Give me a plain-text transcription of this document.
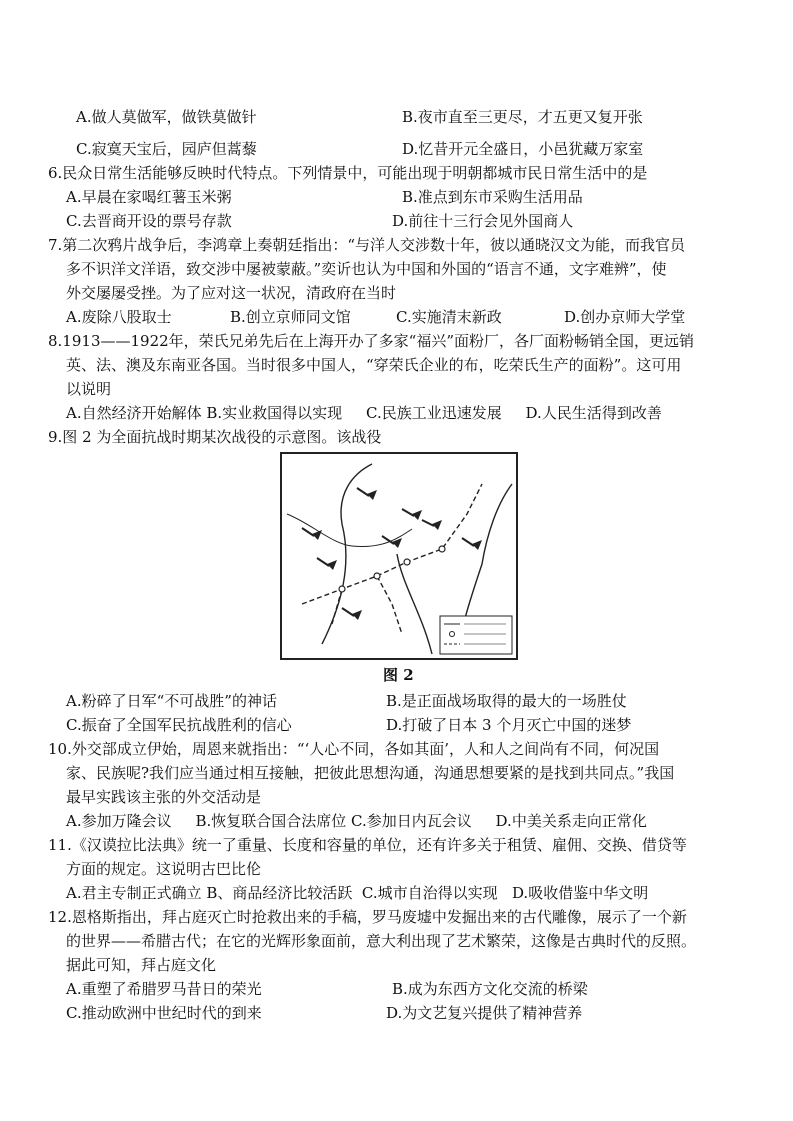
A.做人莫做军，做铁莫做针	B.夜市直至三更尽，才五更又复开张
C.寂寞天宝后，园庐但蒿藜	D.忆昔开元全盛日，小邑犹藏万家室
6.民众日常生活能够反映时代特点。下列情景中，可能出现于明朝都城市民日常生活中的是
A.早晨在家喝红薯玉米粥	B.准点到东市采购生活用品
C.去晋商开设的票号存款	D.前往十三行会见外国商人
7.第二次鸦片战争后，李鸿章上奏朝廷指出：“与洋人交涉数十年，彼以通晓汉文为能，而我官员
多不识洋文洋语，致交涉中屡被蒙蔽。”奕䜣也认为中国和外国的“语言不通，文字难辨”，使
外交屡屡受挫。为了应对这一状况，清政府在当时
A.废除八股取士	B.创立京师同文馆	C.实施清末新政	D.创办京师大学堂
8.1913——1922年，荣氏兄弟先后在上海开办了多家“福兴”面粉厂，各厂面粉畅销全国，更远销
英、法、澳及东南亚各国。当时很多中国人，“穿荣氏企业的布，吃荣氏生产的面粉”。这可用
以说明
A.自然经济开始解体 B.实业救国得以实现     C.民族工业迅速发展     D.人民生活得到改善
9.图 2 为全面抗战时期某次战役的示意图。该战役
图 2
A.粉碎了日军“不可战胜”的神话	B.是正面战场取得的最大的一场胜仗
C.振奋了全国军民抗战胜利的信心	D.打破了日本 3 个月灭亡中国的迷梦
10.外交部成立伊始，周恩来就指出：“‘人心不同，各如其面’，人和人之间尚有不同，何况国
家、民族呢?我们应当通过相互接触，把彼此思想沟通，沟通思想要紧的是找到共同点。”我国
最早实践该主张的外交活动是
A.参加万隆会议     B.恢复联合国合法席位 C.参加日内瓦会议     D.中美关系走向正常化
11.《汉谟拉比法典》统一了重量、长度和容量的单位，还有许多关于租赁、雇佣、交换、借贷等
方面的规定。这说明古巴比伦
A.君主专制正式确立 B、商品经济比较活跃  C.城市自治得以实现   D.吸收借鉴中华文明
12.恩格斯指出，拜占庭灭亡时抢救出来的手稿，罗马废墟中发掘出来的古代雕像，展示了一个新
的世界——希腊古代；在它的光辉形象面前，意大利出现了艺术繁荣，这像是古典时代的反照。
据此可知，拜占庭文化
A.重塑了希腊罗马昔日的荣光	B.成为东西方文化交流的桥梁
C.推动欧洲中世纪时代的到来	D.为文艺复兴提供了精神营养
